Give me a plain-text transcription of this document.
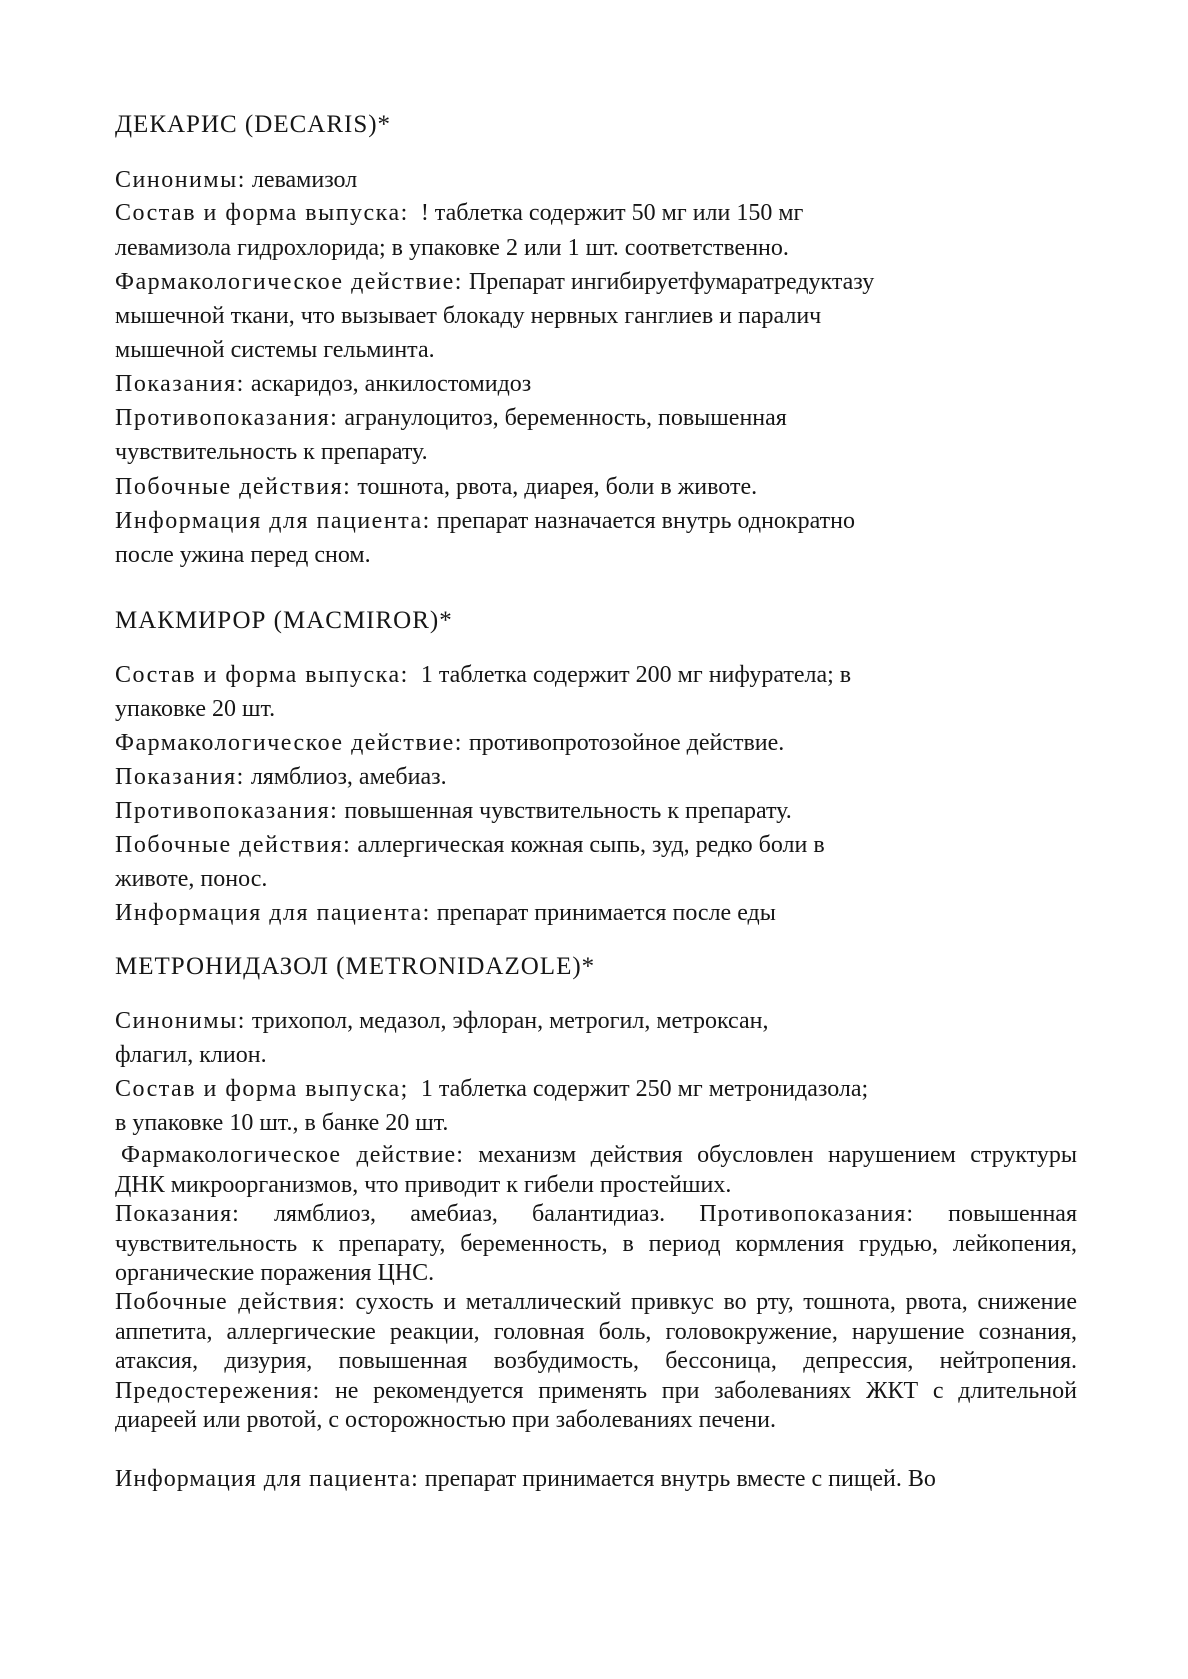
ДЕКАРИС (DECARIS)*
Синонимы: левамизол
Состав и форма выпуска:  ! таблетка содержит 50 мг или 150 мг
левамизола гидрохлорида; в упаковке 2 или 1 шт. соответственно.
Фармакологическое действие: Препарат ингибируетфумаратредуктазу
мышечной ткани, что вызывает блокаду нервных ганглиев и паралич
мышечной системы гельминта.
Показания: аскаридоз, анкилостомидоз
Противопоказания: агранулоцитоз, беременность, повышенная
чувствительность к препарату.
Побочные действия: тошнота, рвота, диарея, боли в животе.
Информация для пациента: препарат назначается внутрь однократно
после ужина перед сном.
МАКМИРОР (MACMIROR)*
Состав и форма выпуска:  1 таблетка содержит 200 мг нифуратела; в
упаковке 20 шт.
Фармакологическое действие: противопротозойное действие.
Показания: лямблиоз, амебиаз.
Противопоказания: повышенная чувствительность к препарату.
Побочные действия: аллергическая кожная сыпь, зуд, редко боли в
животе, понос.
Информация для пациента: препарат принимается после еды
МЕТРОНИДАЗОЛ (METRONIDAZOLE)*
Синонимы: трихопол, медазол, эфлоран, метрогил, метроксан,
флагил, клион.
Состав и форма выпуска;  1 таблетка содержит 250 мг метронидазола;
в упаковке 10 шт., в банке 20 шт.
Фармакологическое действие: механизм действия обусловлен нарушением структуры ДНК микроорганизмов, что приводит к гибели простейших.
Показания: лямблиоз, амебиаз, балантидиаз. Противопоказания: повышенная чувствительность к препарату, беременность, в период кормления грудью, лейкопения, органические поражения ЦНС.
Побочные действия: сухость и металлический привкус во рту, тошнота, рвота, снижение аппетита, аллергические реакции, головная боль, головокружение, нарушение сознания, атаксия, дизурия, повышенная возбудимость, бессоница, депрессия, нейтропения. Предостережения: не рекомендуется применять при заболеваниях ЖКТ с длительной диареей или рвотой, с осторожностью при заболеваниях печени.
Информация для пациента: препарат принимается внутрь вместе с пищей. Во
